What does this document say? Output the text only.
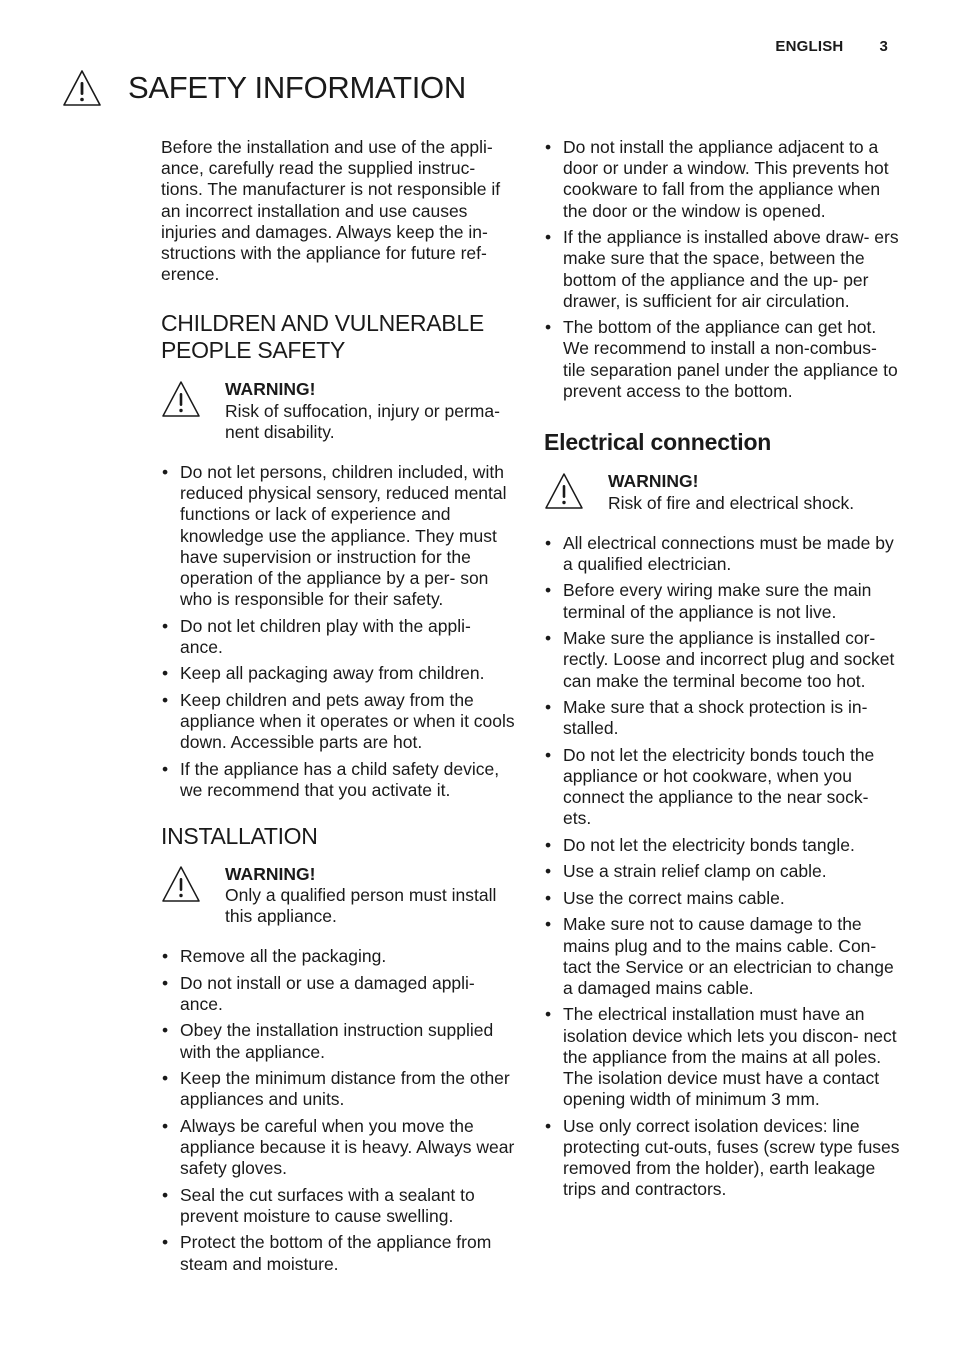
ENGLISH 3
SAFETY INFORMATION

Before the installation and use of the appli- ance, carefully read the supplied instruc- tions. The manufacturer is not responsible if an incorrect installation and use causes injuries and damages. Always keep the in- structions with the appliance for future ref- erence.

CHILDREN AND VULNERABLE
PEOPLE SAFETY
WARNING!
Risk of suffocation, injury or perma- nent disability.
• Do not let persons, children included, with reduced physical sensory, reduced mental functions or lack of experience and knowledge use the appliance. They must have supervision or instruction for the operation of the appliance by a per- son who is responsible for their safety.
• Do not let children play with the appli- ance.
• Keep all packaging away from children.
• Keep children and pets away from the appliance when it operates or when it cools down. Accessible parts are hot.
• If the appliance has a child safety device, we recommend that you activate it.
INSTALLATION
WARNING!
Only a qualified person must install this appliance.
• Remove all the packaging.
• Do not install or use a damaged appli- ance.
• Obey the installation instruction supplied with the appliance.
• Keep the minimum distance from the other appliances and units.
• Always be careful when you move the appliance because it is heavy. Always wear safety gloves.
• Seal the cut surfaces with a sealant to prevent moisture to cause swelling.
• Protect the bottom of the appliance from steam and moisture.
• Do not install the appliance adjacent to a door or under a window. This prevents hot cookware to fall from the appliance when the door or the window is opened.
• If the appliance is installed above draw- ers make sure that the space, between the bottom of the appliance and the up- per drawer, is sufficient for air circulation.
• The bottom of the appliance can get hot. We recommend to install a non-combus- tile separation panel under the appliance to prevent access to the bottom.
Electrical connection
WARNING!
Risk of fire and electrical shock.
• All electrical connections must be made by a qualified electrician.
• Before every wiring make sure the main terminal of the appliance is not live.
• Make sure the appliance is installed cor- rectly. Loose and incorrect plug and socket can make the terminal become too hot.
• Make sure that a shock protection is in- stalled.
• Do not let the electricity bonds touch the appliance or hot cookware, when you connect the appliance to the near sock- ets.
• Do not let the electricity bonds tangle.
• Use a strain relief clamp on cable.
• Use the correct mains cable.
• Make sure not to cause damage to the mains plug and to the mains cable. Con- tact the Service or an electrician to change a damaged mains cable.
• The electrical installation must have an isolation device which lets you discon- nect the appliance from the mains at all poles. The isolation device must have a contact opening width of minimum 3 mm.
• Use only correct isolation devices: line protecting cut-outs, fuses (screw type fuses removed from the holder), earth leakage trips and contractors.
